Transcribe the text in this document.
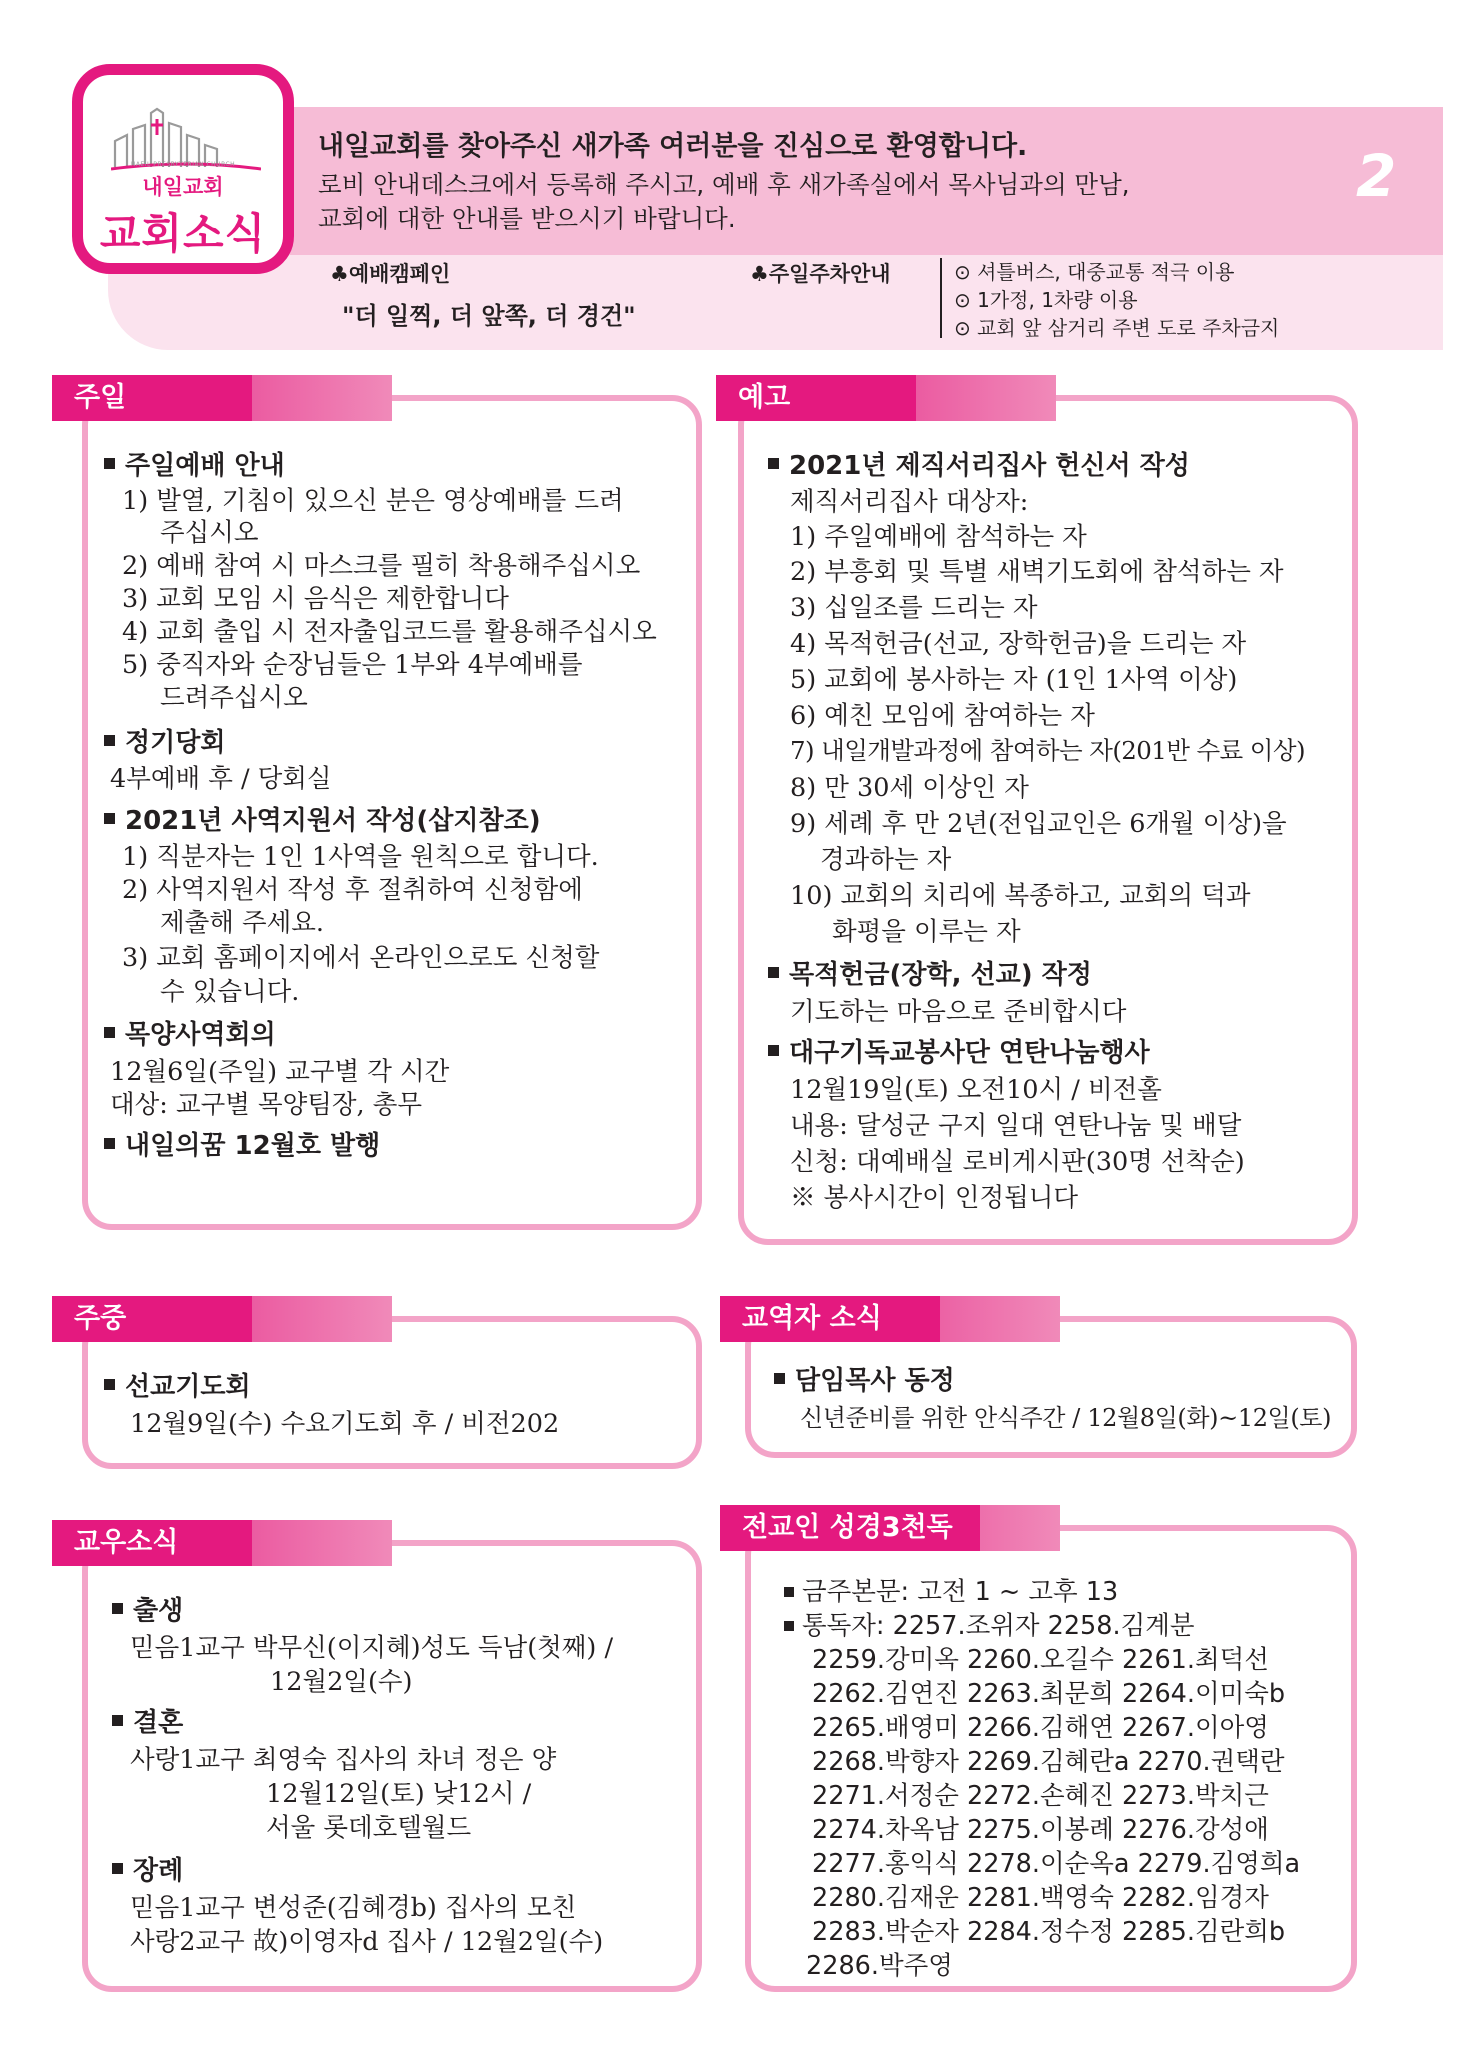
NAEIL PRESBYTERIAN CHURCH
내일교회
교회소식
내일교회를 찾아주신 새가족 여러분을 진심으로 환영합니다.
로비 안내데스크에서 등록해 주시고, 예배 후 새가족실에서 목사님과의 만남,
교회에 대한 안내를 받으시기 바랍니다.
2
♣예배캠페인
"더 일찍, 더 앞쪽, 더 경건"
♣주일주차안내	⊙ 셔틀버스, 대중교통 적극 이용
⊙ 1가정, 1차량 이용
⊙ 교회 앞 삼거리 주변 도로 주차금지
주일
주일예배 안내
1) 발열, 기침이 있으신 분은 영상예배를 드려
주십시오
2) 예배 참여 시 마스크를 필히 착용해주십시오
3) 교회 모임 시 음식은 제한합니다
4) 교회 출입 시 전자출입코드를 활용해주십시오
5) 중직자와 순장님들은 1부와 4부예배를
드려주십시오
정기당회
4부예배 후 / 당회실
2021년 사역지원서 작성(삽지참조)
1) 직분자는 1인 1사역을 원칙으로 합니다.
2) 사역지원서 작성 후 절취하여 신청함에
제출해 주세요.
3) 교회 홈페이지에서 온라인으로도 신청할
수 있습니다.
목양사역회의
12월6일(주일) 교구별 각 시간
대상: 교구별 목양팀장, 총무
내일의꿈 12월호 발행
예고
2021년 제직서리집사 헌신서 작성
제직서리집사 대상자:
1) 주일예배에 참석하는 자
2) 부흥회 및 특별 새벽기도회에 참석하는 자
3) 십일조를 드리는 자
4) 목적헌금(선교, 장학헌금)을 드리는 자
5) 교회에 봉사하는 자 (1인 1사역 이상)
6) 예친 모임에 참여하는 자
7) 내일개발과정에 참여하는 자(201반 수료 이상)
8) 만 30세 이상인 자
9) 세례 후 만 2년(전입교인은 6개월 이상)을
경과하는 자
10) 교회의 치리에 복종하고, 교회의 덕과
화평을 이루는 자
목적헌금(장학, 선교) 작정
기도하는 마음으로 준비합시다
대구기독교봉사단 연탄나눔행사
12월19일(토) 오전10시 / 비전홀
내용: 달성군 구지 일대 연탄나눔 및 배달
신청: 대예배실 로비게시판(30명 선착순)
※ 봉사시간이 인정됩니다
주중
선교기도회
12월9일(수) 수요기도회 후 / 비전202
교역자 소식
담임목사 동정
신년준비를 위한 안식주간 / 12월8일(화)~12일(토)
교우소식
출생
믿음1교구 박무신(이지혜)성도 득남(첫째) /
12월2일(수)
결혼
사랑1교구 최영숙 집사의 차녀 정은 양
12월12일(토) 낮12시 /
서울 롯데호텔월드
장례
믿음1교구 변성준(김혜경b) 집사의 모친
사랑2교구 故)이영자d 집사 / 12월2일(수)
전교인 성경3천독
금주본문: 고전 1 ~ 고후 13
통독자: 2257.조위자 2258.김계분
2259.강미옥 2260.오길수 2261.최덕선
2262.김연진 2263.최문희 2264.이미숙b
2265.배영미 2266.김해연 2267.이아영
2268.박향자 2269.김혜란a 2270.권택란
2271.서정순 2272.손혜진 2273.박치근
2274.차옥남 2275.이봉례 2276.강성애
2277.홍익식 2278.이순옥a 2279.김영희a
2280.김재운 2281.백영숙 2282.임경자
2283.박순자 2284.정수정 2285.김란희b
2286.박주영
